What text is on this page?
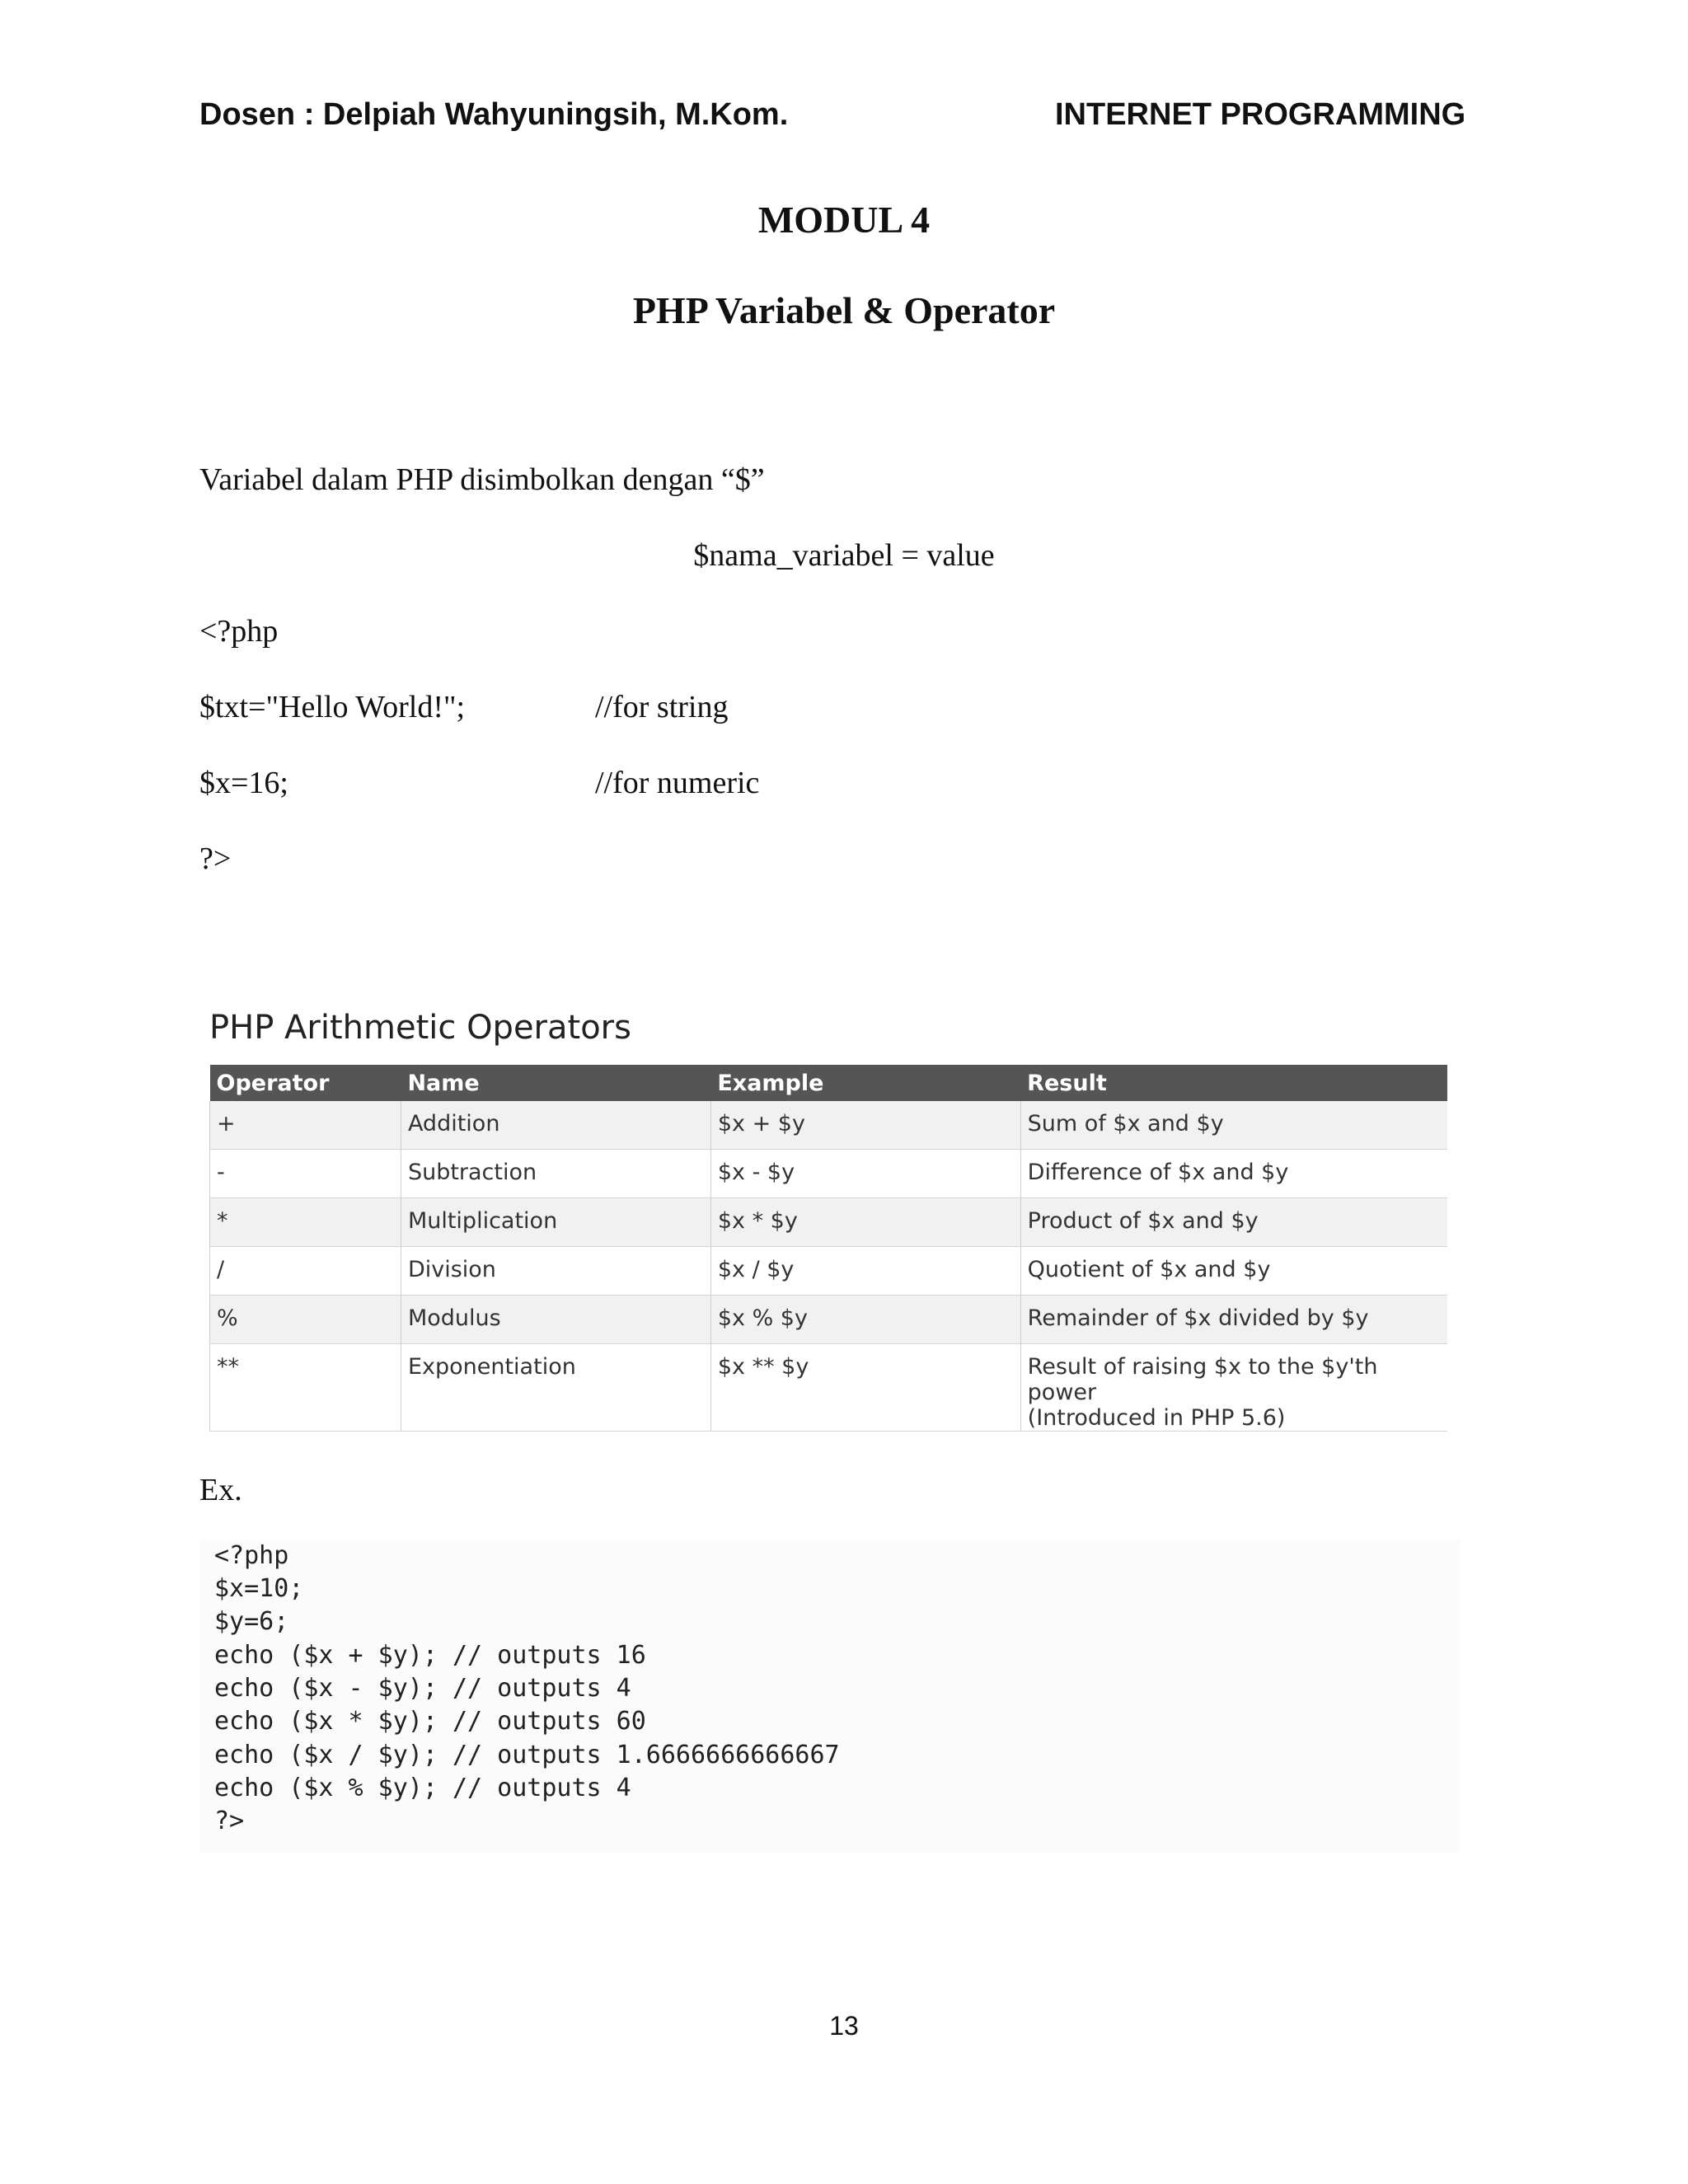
Dosen : Delpiah Wahyuningsih, M.Kom.	INTERNET PROGRAMMING
MODUL 4
PHP Variabel & Operator
Variabel dalam PHP disimbolkan dengan “$”
$nama_variabel = value
<?php
$txt="Hello World!";	//for string
$x=16;	//for numeric
?>
PHP Arithmetic Operators
Operator	Name	Example	Result
+	Addition	$x + $y	Sum of $x and $y
-	Subtraction	$x - $y	Difference of $x and $y
*	Multiplication	$x * $y	Product of $x and $y
/	Division	$x / $y	Quotient of $x and $y
%	Modulus	$x % $y	Remainder of $x divided by $y
**	Exponentiation	$x ** $y	Result of raising $x to the $y'th power
(Introduced in PHP 5.6)
Ex.
<?php
$x=10;
$y=6;
echo ($x + $y); // outputs 16
echo ($x - $y); // outputs 4
echo ($x * $y); // outputs 60
echo ($x / $y); // outputs 1.6666666666667
echo ($x % $y); // outputs 4
?>
13
